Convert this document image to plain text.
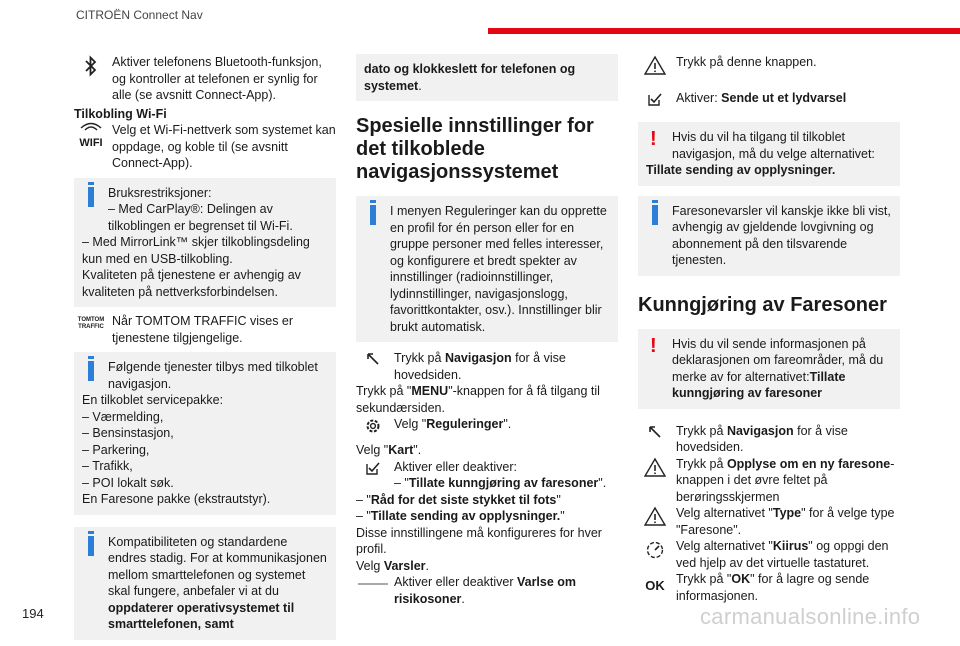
CITROËN Connect Nav
Aktiver telefonens Bluetooth-funksjon, og kontroller at telefonen er synlig for alle (se avsnitt Connect-App).
Tilkobling Wi-Fi
WIFI
Velg et Wi-Fi-nettverk som systemet kan oppdage, og koble til (se avsnitt Connect-App).
Bruksrestriksjoner:
– Med CarPlay®: Delingen av tilkoblingen er begrenset til Wi-Fi.
– Med MirrorLink™ skjer tilkoblingsdeling kun med en USB-tilkobling.
Kvaliteten på tjenestene er avhengig av kvaliteten på nettverksforbindelsen.
TOMTOM TRAFFIC Når TOMTOM TRAFFIC vises er tjenestene tilgjengelige.
Følgende tjenester tilbys med tilkoblet navigasjon.
En tilkoblet servicepakke:
– Værmelding,
– Bensinstasjon,
– Parkering,
– Trafikk,
– POI lokalt søk.
En Faresone pakke (ekstrautstyr).
Kompatibiliteten og standardene endres stadig. For at kommunikasjonen mellom smarttelefonen og systemet skal fungere, anbefaler vi at du oppdaterer operativsystemet til smarttelefonen, samt
dato og klokkeslett for telefonen og systemet.
Spesielle innstillinger for det tilkoblede navigasjonssystemet
I menyen Reguleringer kan du opprette en profil for én person eller for en gruppe personer med felles interesser, og konfigurere et bredt spekter av innstillinger (radioinnstillinger, lydinnstillinger, navigasjonslogg, favorittkontakter, osv.). Innstillinger blir brukt automatisk.
Trykk på Navigasjon for å vise hovedsiden.
Trykk på "MENU"-knappen for å få tilgang til sekundærsiden.
Velg "Reguleringer".
Velg "Kart".
Aktiver eller deaktiver:
– "Tillate kunngjøring av faresoner".
– "Råd for det siste stykket til fots"
– "Tillate sending av opplysninger."
Disse innstillingene må konfigureres for hver profil.
Velg Varsler.
Aktiver eller deaktiver Varlse om risikosoner.
Trykk på denne knappen.
Aktiver: Sende ut et lydvarsel
! Hvis du vil ha tilgang til tilkoblet navigasjon, må du velge alternativet:
Tillate sending av opplysninger.
Faresonevarsler vil kanskje ikke bli vist, avhengig av gjeldende lovgivning og abonnement på den tilsvarende tjenesten.
Kunngjøring av Faresoner
! Hvis du vil sende informasjonen på deklarasjonen om fareområder, må du merke av for alternativet:Tillate kunngjøring av faresoner
Trykk på Navigasjon for å vise hovedsiden.
Trykk på Opplyse om en ny faresone-knappen i det øvre feltet på berøringsskjermen
Velg alternativet "Type" for å velge type "Faresone".
Velg alternativet "Kiirus" og oppgi den ved hjelp av det virtuelle tastaturet.
OK Trykk på "OK" for å lagre og sende informasjonen.
194	carmanualsonline.info
